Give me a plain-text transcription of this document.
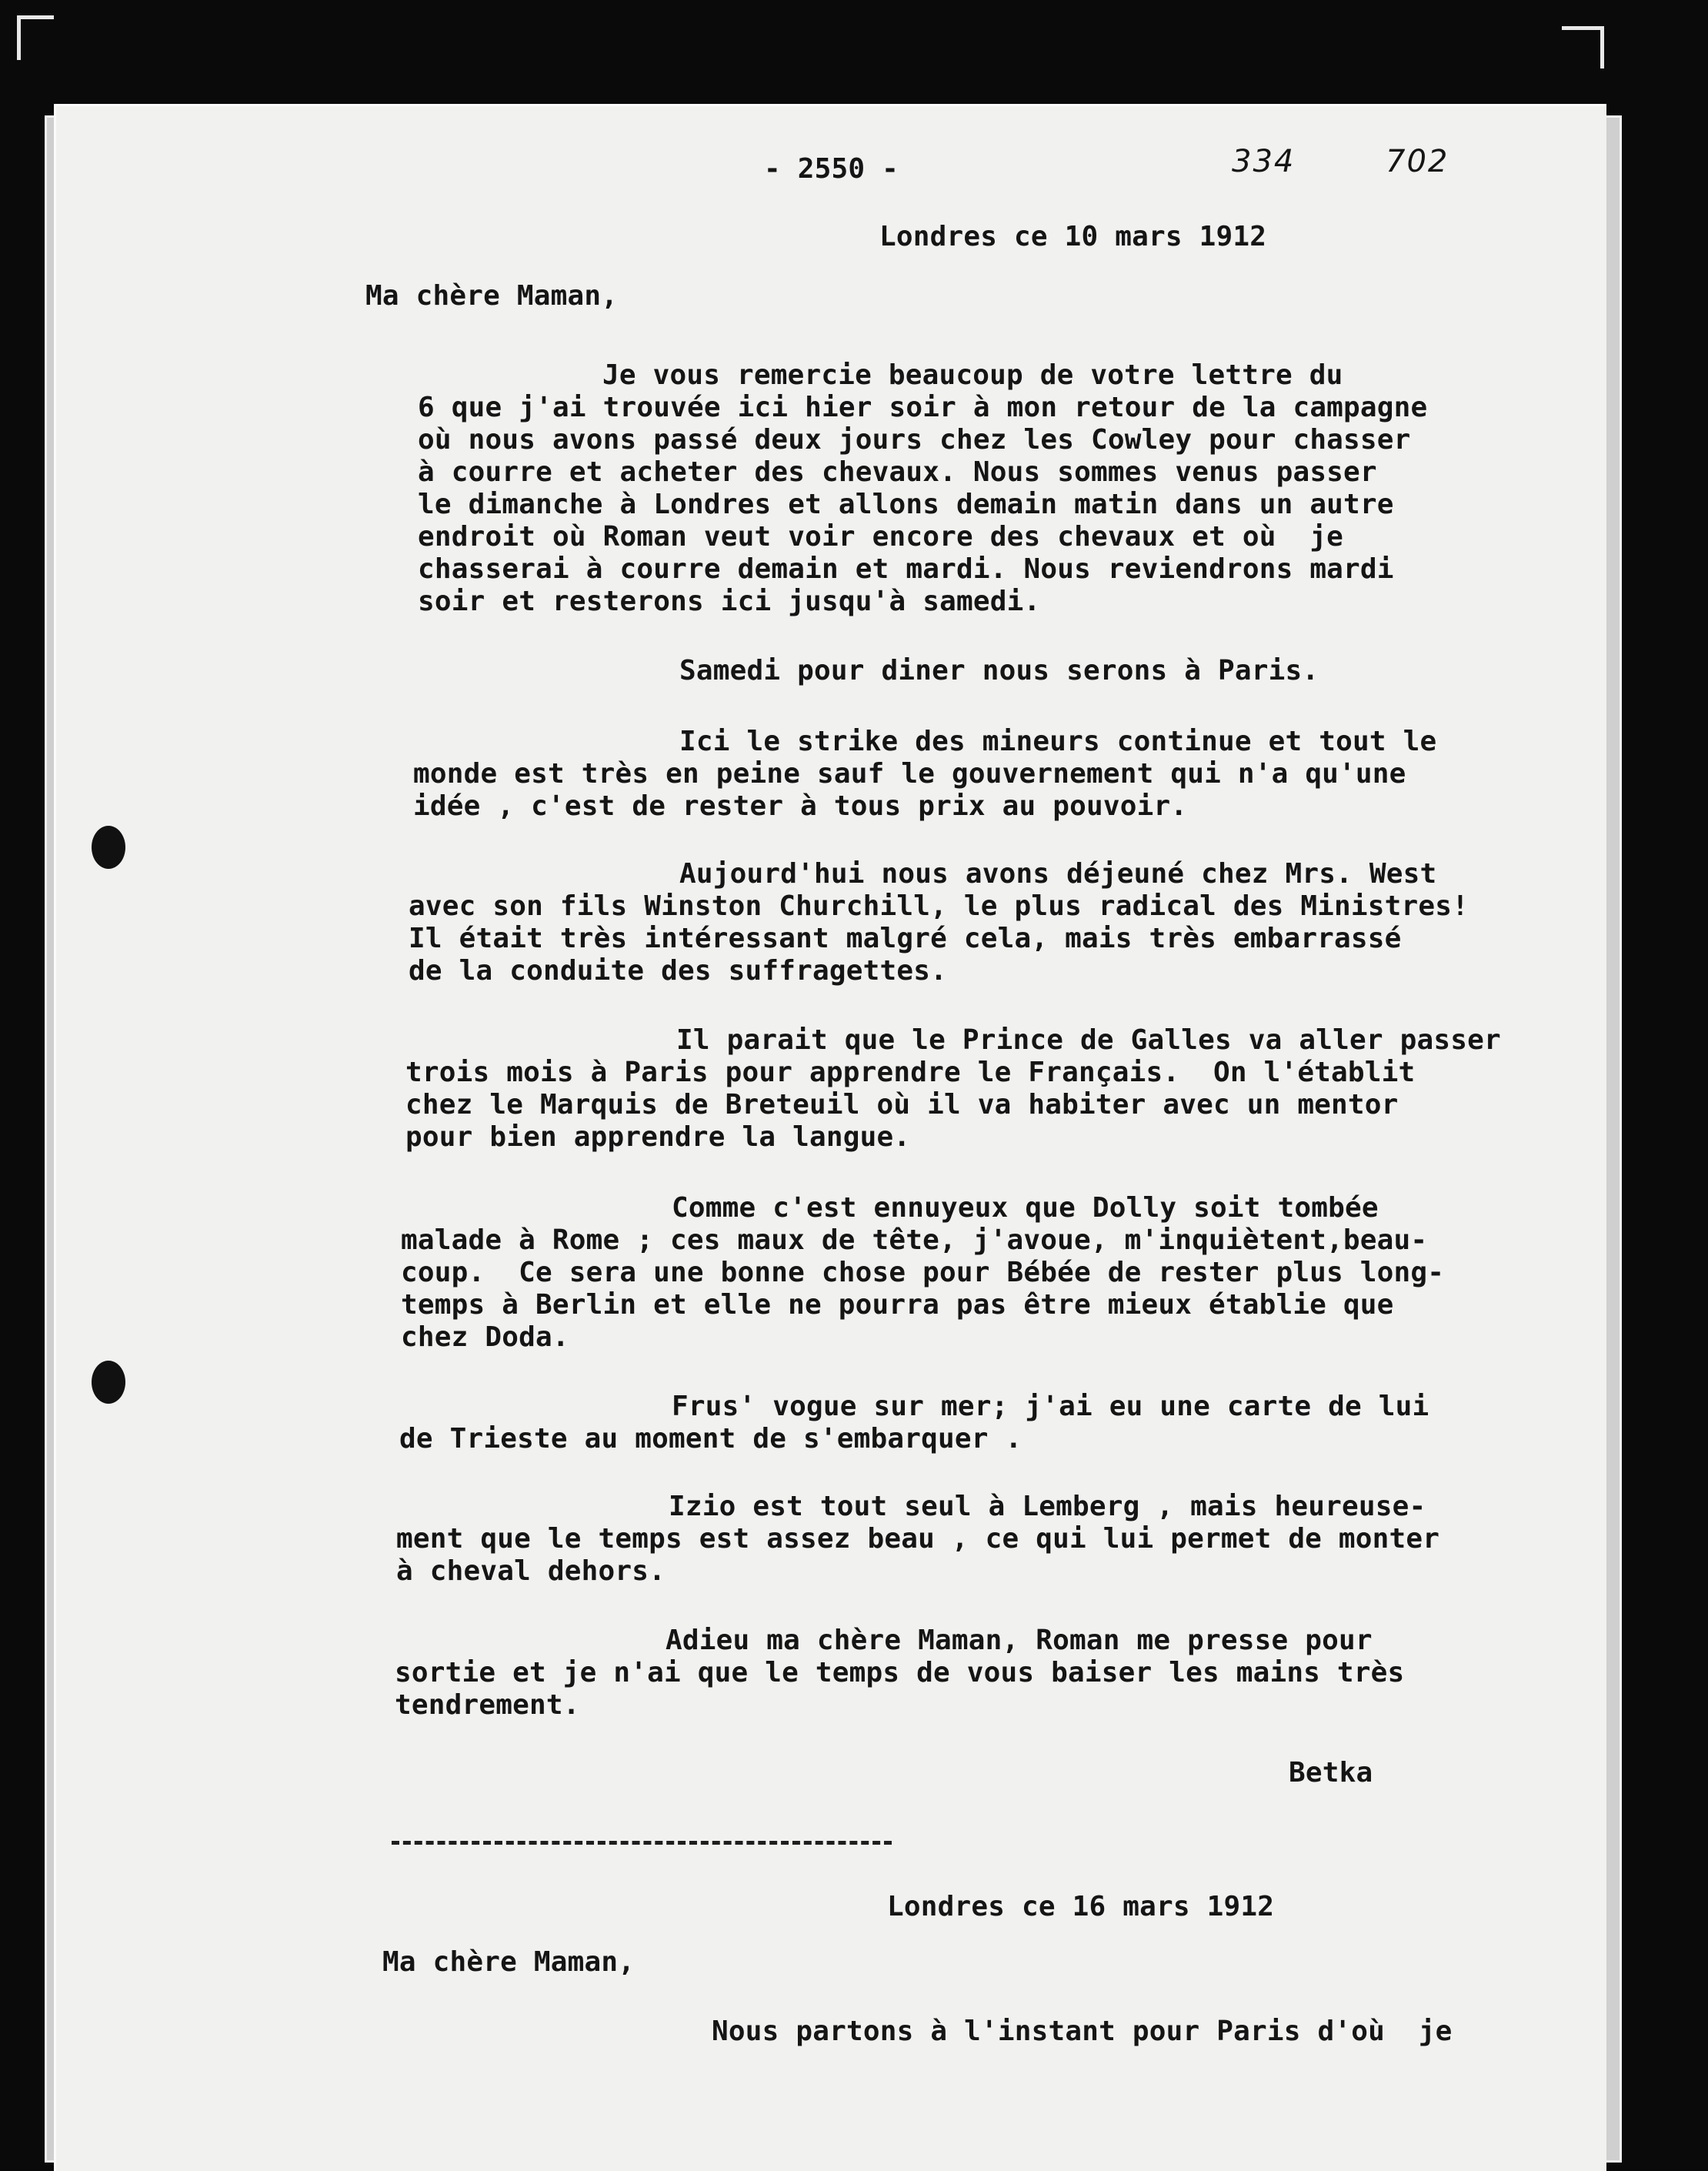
- 2550 -	334	702
Londres ce 10 mars 1912
Ma chère Maman,
Je vous remercie beaucoup de votre lettre du
6 que j'ai trouvée ici hier soir à mon retour de la campagne
où nous avons passé deux jours chez les Cowley pour chasser
à courre et acheter des chevaux. Nous sommes venus passer
le dimanche à Londres et allons demain matin dans un autre
endroit où Roman veut voir encore des chevaux et où  je
chasserai à courre demain et mardi. Nous reviendrons mardi
soir et resterons ici jusqu'à samedi.
Samedi pour diner nous serons à Paris.
Ici le strike des mineurs continue et tout le
monde est très en peine sauf le gouvernement qui n'a qu'une
idée , c'est de rester à tous prix au pouvoir.
Aujourd'hui nous avons déjeuné chez Mrs. West
avec son fils Winston Churchill, le plus radical des Ministres!
Il était très intéressant malgré cela, mais très embarrassé
de la conduite des suffragettes.
Il parait que le Prince de Galles va aller passer
trois mois à Paris pour apprendre le Français.  On l'établit
chez le Marquis de Breteuil où il va habiter avec un mentor
pour bien apprendre la langue.
Comme c'est ennuyeux que Dolly soit tombée
malade à Rome ; ces maux de tête, j'avoue, m'inquiètent,beau-
coup.  Ce sera une bonne chose pour Bébée de rester plus long-
temps à Berlin et elle ne pourra pas être mieux établie que
chez Doda.
Frus' vogue sur mer; j'ai eu une carte de lui
de Trieste au moment de s'embarquer .
Izio est tout seul à Lemberg , mais heureuse-
ment que le temps est assez beau , ce qui lui permet de monter
à cheval dehors.
Adieu ma chère Maman, Roman me presse pour
sortie et je n'ai que le temps de vous baiser les mains très
tendrement.
Betka
Londres ce 16 mars 1912
Ma chère Maman,
Nous partons à l'instant pour Paris d'où  je
